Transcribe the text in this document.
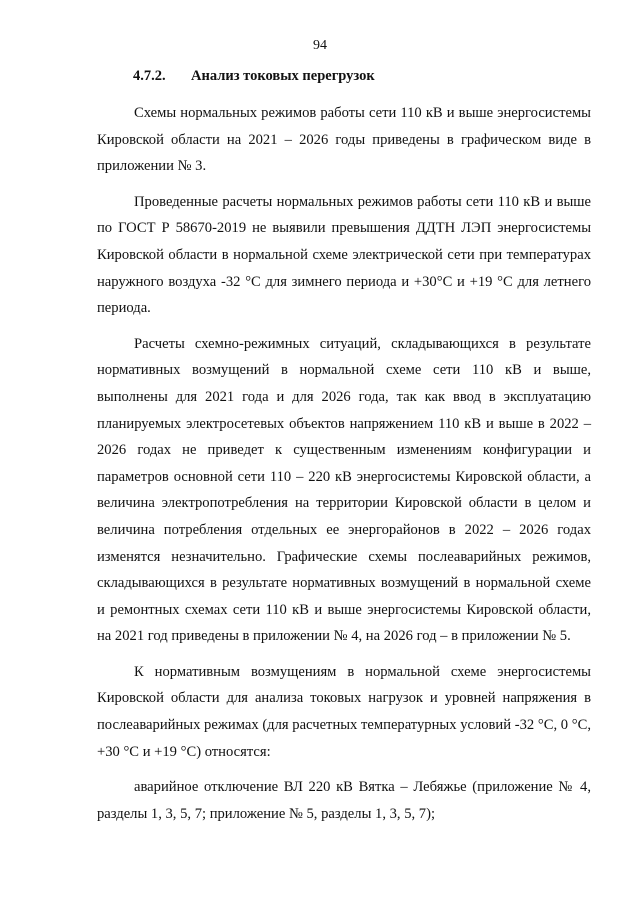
94
4.7.2. Анализ токовых перегрузок

Схемы нормальных режимов работы сети 110 кВ и выше энергосистемы Кировской области на 2021 – 2026 годы приведены в графическом виде в приложении № 3.

Проведенные расчеты нормальных режимов работы сети 110 кВ и выше по ГОСТ Р 58670-2019 не выявили превышения ДДТН ЛЭП энергосистемы Кировской области в нормальной схеме электрической сети при температурах наружного воздуха -32 °С для зимнего периода и +30°С и +19 °С для летнего периода.

Расчеты схемно-режимных ситуаций, складывающихся в результате нормативных возмущений в нормальной схеме сети 110 кВ и выше, выполнены для 2021 года и для 2026 года, так как ввод в эксплуатацию планируемых электросетевых объектов напряжением 110 кВ и выше в 2022 – 2026 годах не приведет к существенным изменениям конфигурации и параметров основной сети 110 – 220 кВ энергосистемы Кировской области, а величина электропотребления на территории Кировской области в целом и величина потребления отдельных ее энергорайонов в 2022 – 2026 годах изменятся незначительно. Графические схемы послеаварийных режимов, складывающихся в результате нормативных возмущений в нормальной схеме и ремонтных схемах сети 110 кВ и выше энергосистемы Кировской области, на 2021 год приведены в приложении № 4, на 2026 год – в приложении № 5.

К нормативным возмущениям в нормальной схеме энергосистемы Кировской области для анализа токовых нагрузок и уровней напряжения в послеаварийных режимах (для расчетных температурных условий -32 °С, 0 °С, +30 °С и +19 °С) относятся:

аварийное отключение ВЛ 220 кВ Вятка – Лебяжье (приложение № 4, разделы 1, 3, 5, 7; приложение № 5, разделы 1, 3, 5, 7);
